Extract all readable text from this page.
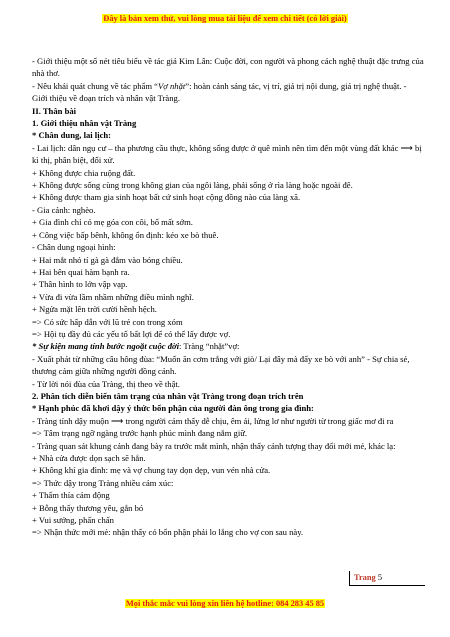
Đây là bản xem thử, vui lòng mua tài liệu để xem chi tiết (có lời giải)

- Giới thiệu một số nét tiêu biểu về tác giả Kim Lân: Cuộc đời, con người và phong cách nghệ thuật đặc trưng của nhà thơ.

- Nêu khái quát chung về tác phẩm “Vợ nhặt”: hoàn cảnh sáng tác, vị trí, giá trị nội dung, giá trị nghệ thuật. - Giới thiệu về đoạn trích và nhân vật Tràng.

II. Thân bài

1. Giới thiệu nhân vật Tràng

* Chân dung, lai lịch:

- Lai lịch: dân ngụ cư – tha phương cầu thực, không sống được ở quê mình nên tìm đến một vùng đất khác ⟶ bị kì thị, phân biệt, đối xử.

+ Không được chia ruộng đất.

+ Không được sống cùng trong không gian của ngôi làng, phải sống ở rìa làng hoặc ngoài đê.

+ Không được tham gia sinh hoạt bất cứ sinh hoạt cộng đồng nào của làng xã.

- Gia cảnh: nghèo.

+ Gia đình chỉ có mẹ góa con côi, bố mất sớm.

+ Công việc bấp bênh, không ổn định: kéo xe bò thuê.

- Chân dung ngoại hình:

+ Hai mắt nhỏ tí gà gà đắm vào bóng chiều.

+ Hai bên quai hàm bạnh ra.

+ Thân hình to lớn vập vạp.

+ Vừa đi vừa lầm nhầm những điều mình nghĩ.

+ Ngửa mặt lên trời cười hềnh hệch.

=> Có sức hấp dẫn với lũ trẻ con trong xóm

=> Hội tụ đầy đủ các yếu tố bất lợi để có thể lấy được vợ.

* Sự kiện mang tính bước ngoặt cuộc đời: Tràng “nhặt”vợ:

- Xuất phát từ những câu hông đùa: “Muốn ăn cơm trắng với giò/ Lại đây mà đẩy xe bò với anh” - Sự chia sẻ, thương cảm giữa những người đồng cảnh.

- Từ lời nói đùa của Tràng, thị theo về thật.

2. Phân tích diễn biến tâm trạng của nhân vật Tràng trong đoạn trích trên

* Hạnh phúc đã khơi dậy ý thức bổn phận của người đàn ông trong gia đình:

- Tràng tỉnh dậy muộn ⟶ trong người cảm thấy dễ chịu, êm ái, lửng lơ như người từ trong giấc mơ đi ra

=> Tâm trạng ngỡ ngàng trước hạnh phúc mình đang nắm giữ.

- Tràng quan sát khung cảnh đang bày ra trước mắt mình, nhận thấy cảnh tượng thay đổi mới mẻ, khác lạ:

+ Nhà cửa được dọn sạch sẽ hẳn.

+ Không khí gia đình: mẹ và vợ chung tay dọn dẹp, vun vén nhà cửa.

=> Thức dậy trong Tràng nhiều cảm xúc:

+ Thấm thía cảm động

+ Bỗng thấy thương yêu, gắn bó

+ Vui sướng, phấn chấn

=> Nhận thức mới mẻ: nhận thấy có bổn phận phải lo lắng cho vợ con sau này.

Trang 5
Mọi thắc mắc vui lòng xin liên hệ hotline: 084 283 45 85
